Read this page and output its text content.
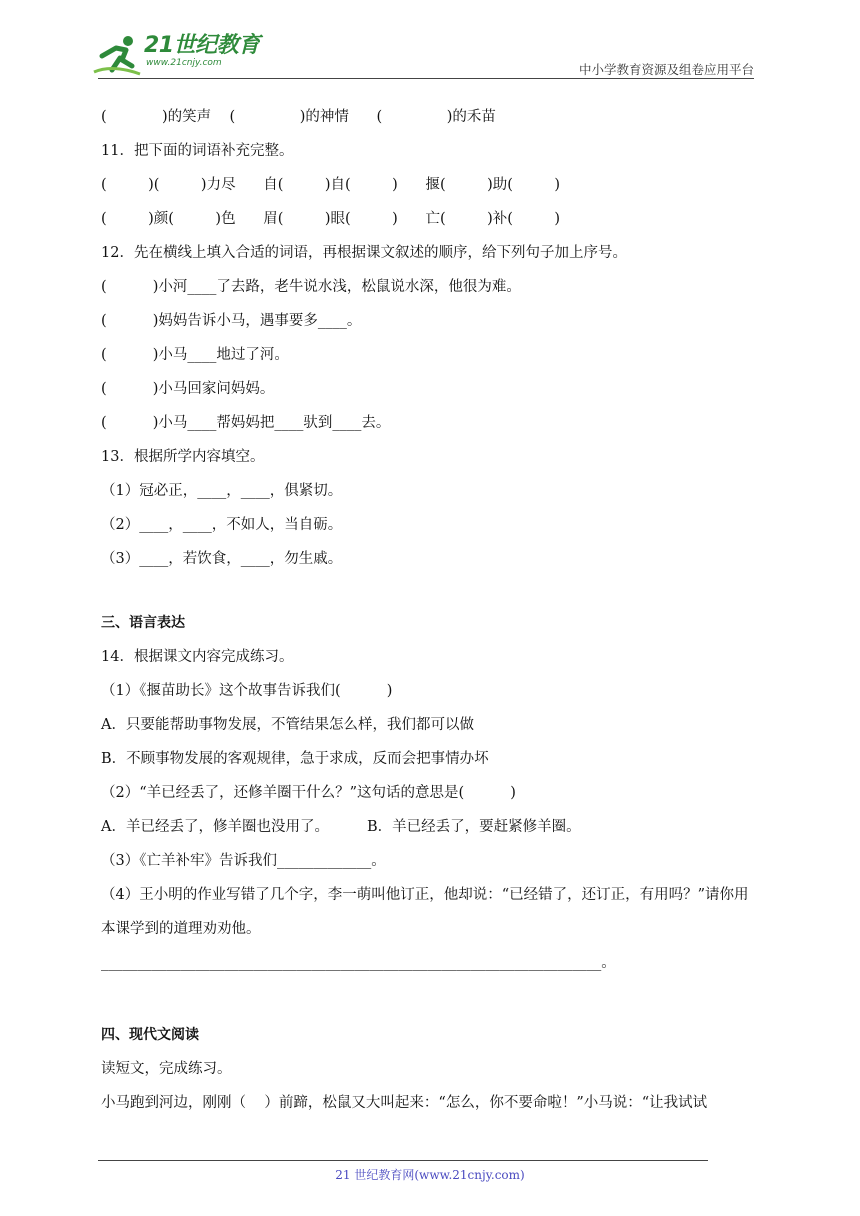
21世纪教育
www.21cnjy.com	中小学教育资源及组卷应用平台
(            )的笑声    (              )的神情      (              )的禾苗
11．把下面的词语补充完整。
(         )(         )力尽      自(         )自(         )      揠(         )助(         )
(         )颜(         )色      眉(         )眼(         )      亡(         )补(         )
12．先在横线上填入合适的词语，再根据课文叙述的顺序，给下列句子加上序号。
(          )小河____了去路，老牛说水浅，松鼠说水深，他很为难。
(          )妈妈告诉小马，遇事要多____。
(          )小马____地过了河。
(          )小马回家问妈妈。
(          )小马____帮妈妈把____驮到____去。
13．根据所学内容填空。
（1）冠必正，____，____，俱紧切。
（2）____，____，不如人，当自砺。
（3）____，若饮食，____，勿生戚。
三、语言表达
14．根据课文内容完成练习。
（1）《揠苗助长》这个故事告诉我们(          )
A．只要能帮助事物发展，不管结果怎么样，我们都可以做
B．不顾事物发展的客观规律，急于求成，反而会把事情办坏
（2）“羊已经丢了，还修羊圈干什么？”这句话的意思是(          )
A．羊已经丢了，修羊圈也没用了。	B．羊已经丢了，要赶紧修羊圈。
（3）《亡羊补牢》告诉我们_____________。
（4）王小明的作业写错了几个字，李一萌叫他订正，他却说：“已经错了，还订正，有用吗？”请你用本课学到的道理劝劝他。
_____________________________________________________________________。
四、现代文阅读
读短文，完成练习。
小马跑到河边，刚刚（    ）前蹄，松鼠又大叫起来：“怎么，你不要命啦！”小马说：“让我试试
21 世纪教育网(www.21cnjy.com)
